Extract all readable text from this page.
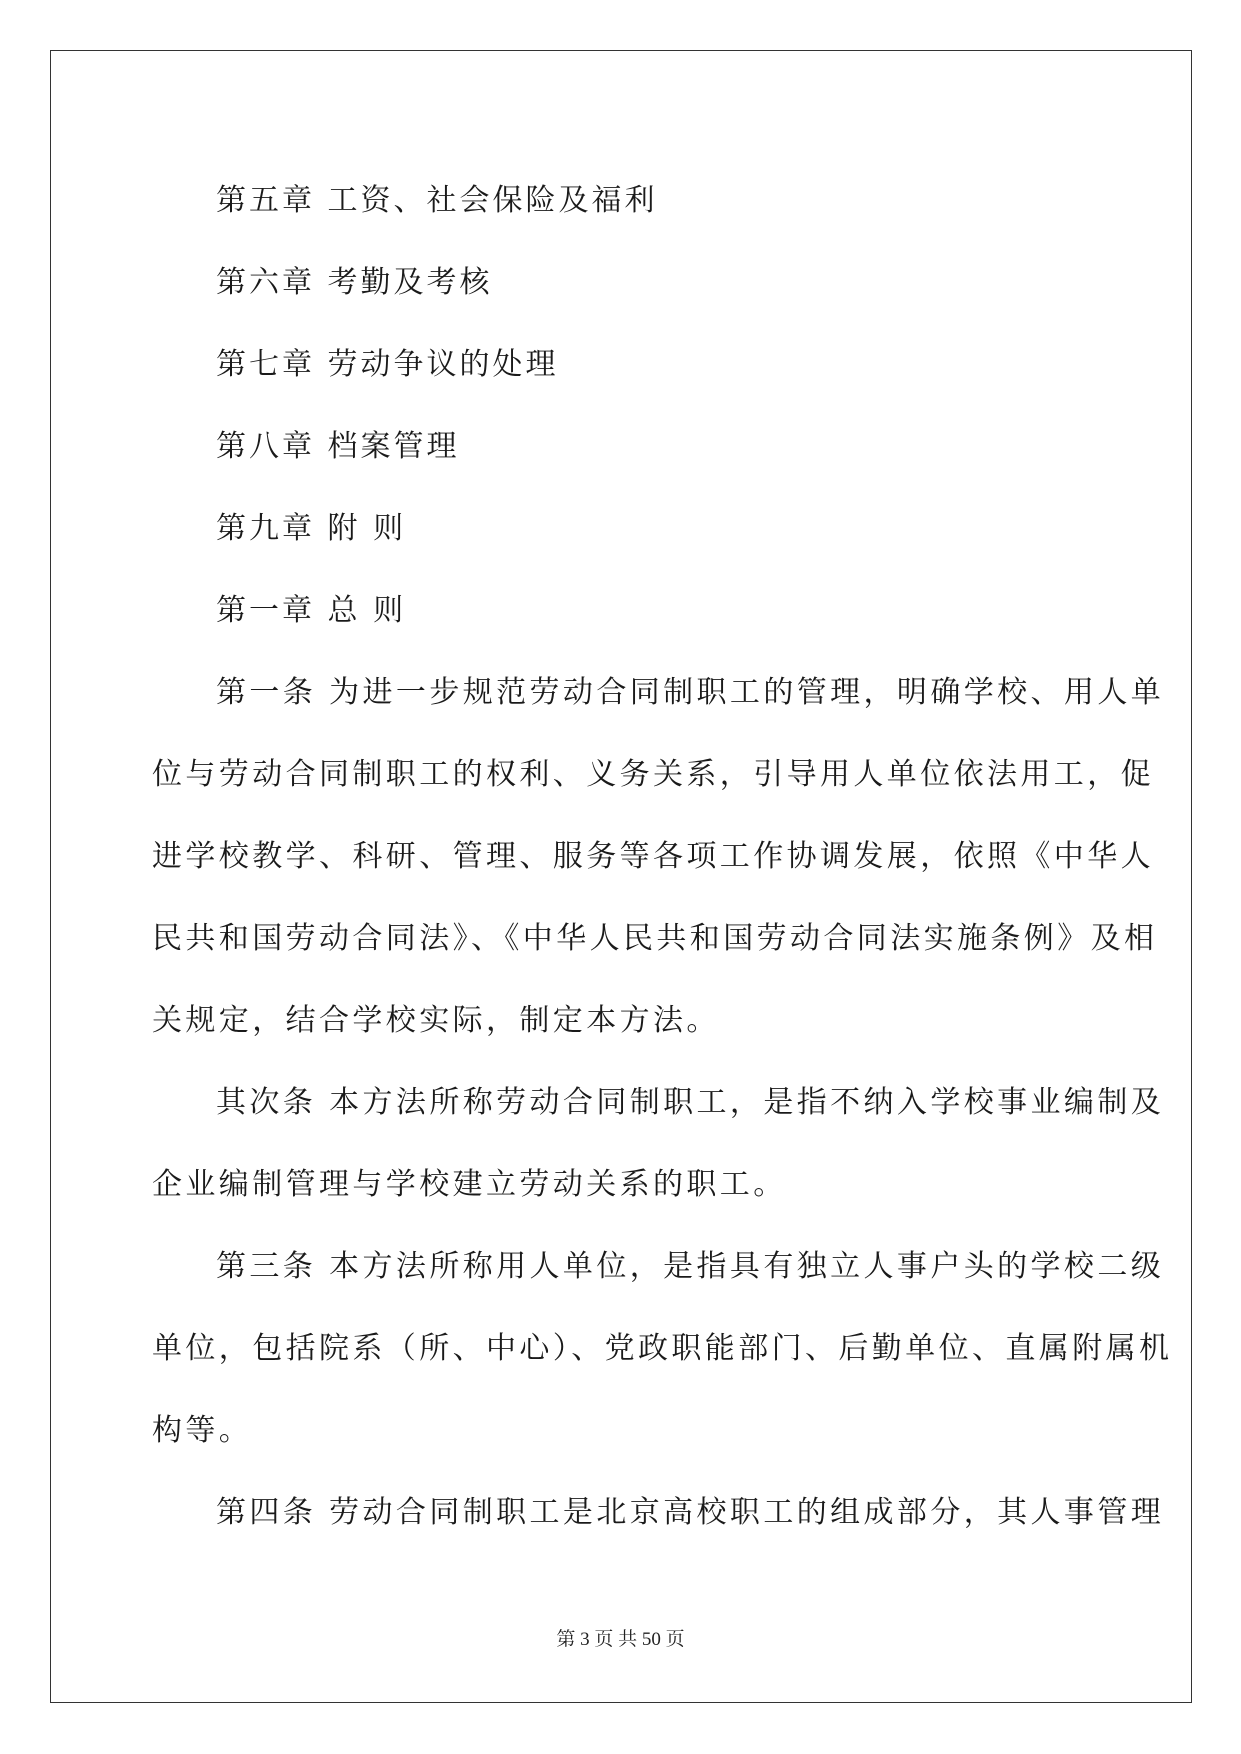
第五章 工资、社会保险及福利
第六章 考勤及考核
第七章 劳动争议的处理
第八章 档案管理
第九章 附 则
第一章 总 则
第一条 为进一步规范劳动合同制职工的管理，明确学校、用人单
位与劳动合同制职工的权利、义务关系，引导用人单位依法用工，促
进学校教学、科研、管理、服务等各项工作协调发展，依照《中华人
民共和国劳动合同法》、《中华人民共和国劳动合同法实施条例》及相
关规定，结合学校实际，制定本方法。
其次条 本方法所称劳动合同制职工，是指不纳入学校事业编制及
企业编制管理与学校建立劳动关系的职工。
第三条 本方法所称用人单位，是指具有独立人事户头的学校二级
单位，包括院系（所、中心）、党政职能部门、后勤单位、直属附属机
构等。
第四条 劳动合同制职工是北京高校职工的组成部分，其人事管理
第 3 页 共 50 页
